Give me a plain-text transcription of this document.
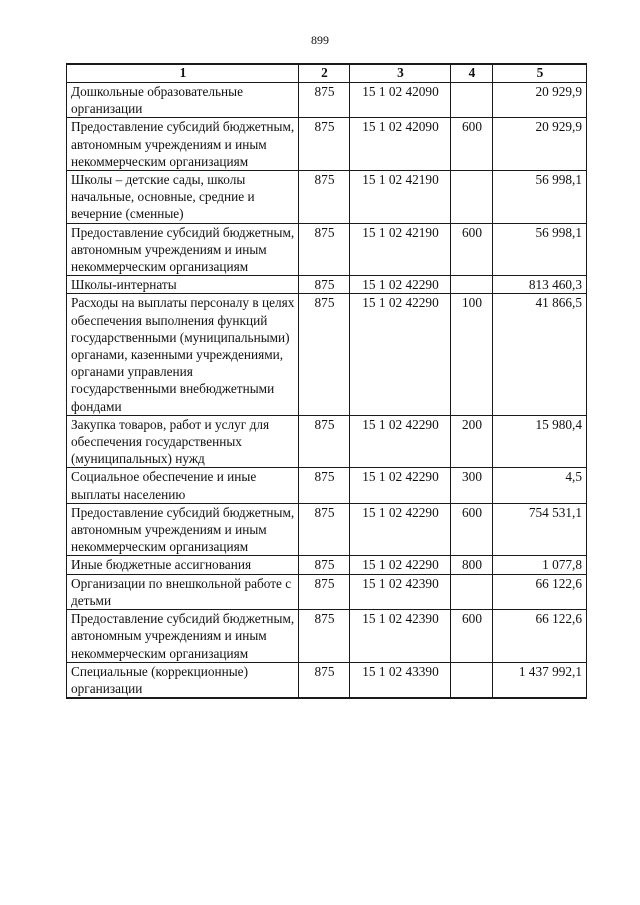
899
1	2	3	4	5
Дошкольные образовательные организации	875	15 1 02 42090		20 929,9
Предоставление субсидий бюджетным, автономным учреждениям и иным некоммерческим организациям	875	15 1 02 42090	600	20 929,9
Школы – детские сады, школы начальные, основные, средние и вечерние (сменные)	875	15 1 02 42190		56 998,1
Предоставление субсидий бюджетным, автономным учреждениям и иным некоммерческим организациям	875	15 1 02 42190	600	56 998,1
Школы-интернаты	875	15 1 02 42290		813 460,3
Расходы на выплаты персоналу в целях обеспечения выполнения функций государственными (муниципальными) органами, казенными учреждениями, органами управления государственными внебюджетными фондами	875	15 1 02 42290	100	41 866,5
Закупка товаров, работ и услуг для обеспечения государственных (муниципальных) нужд	875	15 1 02 42290	200	15 980,4
Социальное обеспечение и иные выплаты населению	875	15 1 02 42290	300	4,5
Предоставление субсидий бюджетным, автономным учреждениям и иным некоммерческим организациям	875	15 1 02 42290	600	754 531,1
Иные бюджетные ассигнования	875	15 1 02 42290	800	1 077,8
Организации по внешкольной работе с детьми	875	15 1 02 42390		66 122,6
Предоставление субсидий бюджетным, автономным учреждениям и иным некоммерческим организациям	875	15 1 02 42390	600	66 122,6
Специальные (коррекционные) организации	875	15 1 02 43390		1 437 992,1
